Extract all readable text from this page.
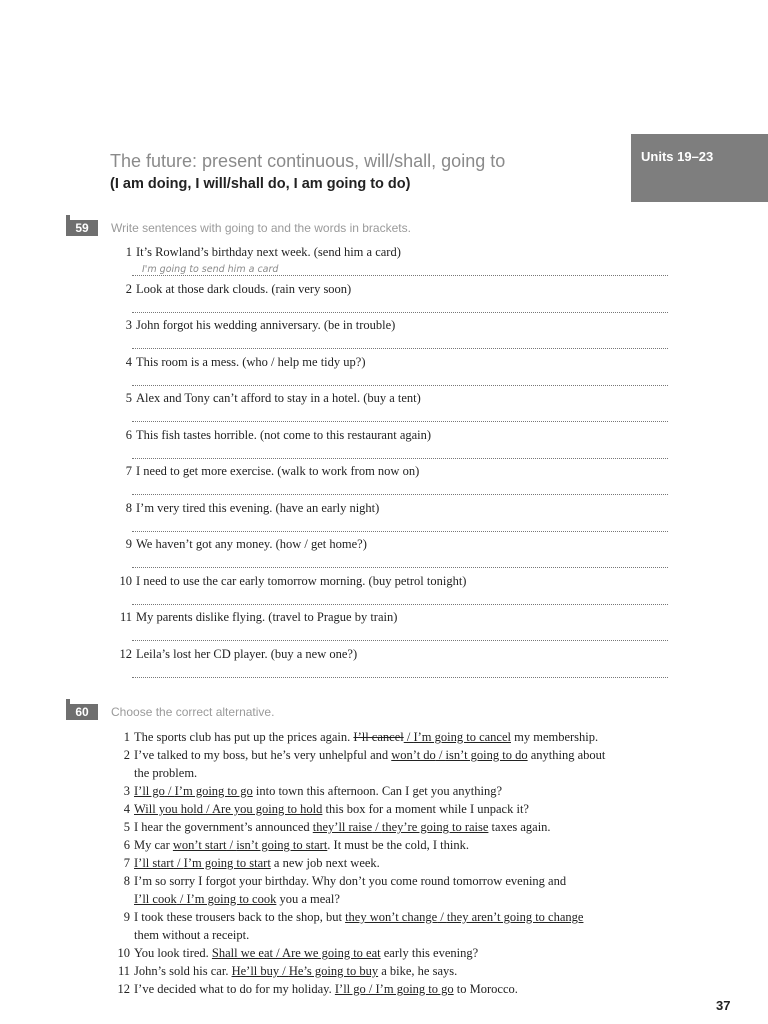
Units 19–23
The future: present continuous, will/shall, going to
(I am doing, I will/shall do, I am going to do)
59	Write sentences with going to and the words in brackets.
1 It’s Rowland’s birthday next week. (send him a card)
2 Look at those dark clouds. (rain very soon)
3 John forgot his wedding anniversary. (be in trouble)
4 This room is a mess. (who / help me tidy up?)
5 Alex and Tony can’t afford to stay in a hotel. (buy a tent)
6 This fish tastes horrible. (not come to this restaurant again)
7 I need to get more exercise. (walk to work from now on)
8 I’m very tired this evening. (have an early night)
9 We haven’t got any money. (how / get home?)
10 I need to use the car early tomorrow morning. (buy petrol tonight)
11 My parents dislike flying. (travel to Prague by train)
12 Leila’s lost her CD player. (buy a new one?)
I'm going to send him a card
60	Choose the correct alternative.
1 The sports club has put up the prices again. I’ll cancel / I’m going to cancel my membership.
2 I’ve talked to my boss, but he’s very unhelpful and won’t do / isn’t going to do anything about
the problem.
3 I’ll go / I’m going to go into town this afternoon. Can I get you anything?
4 Will you hold / Are you going to hold this box for a moment while I unpack it?
5 I hear the government’s announced they’ll raise / they’re going to raise taxes again.
6 My car won’t start / isn’t going to start. It must be the cold, I think.
7 I’ll start / I’m going to start a new job next week.
8 I’m so sorry I forgot your birthday. Why don’t you come round tomorrow evening and
I’ll cook / I’m going to cook you a meal?
9 I took these trousers back to the shop, but they won’t change / they aren’t going to change
them without a receipt.
10 You look tired. Shall we eat / Are we going to eat early this evening?
11 John’s sold his car. He’ll buy / He’s going to buy a bike, he says.
12 I’ve decided what to do for my holiday. I’ll go / I’m going to go to Morocco.
37
